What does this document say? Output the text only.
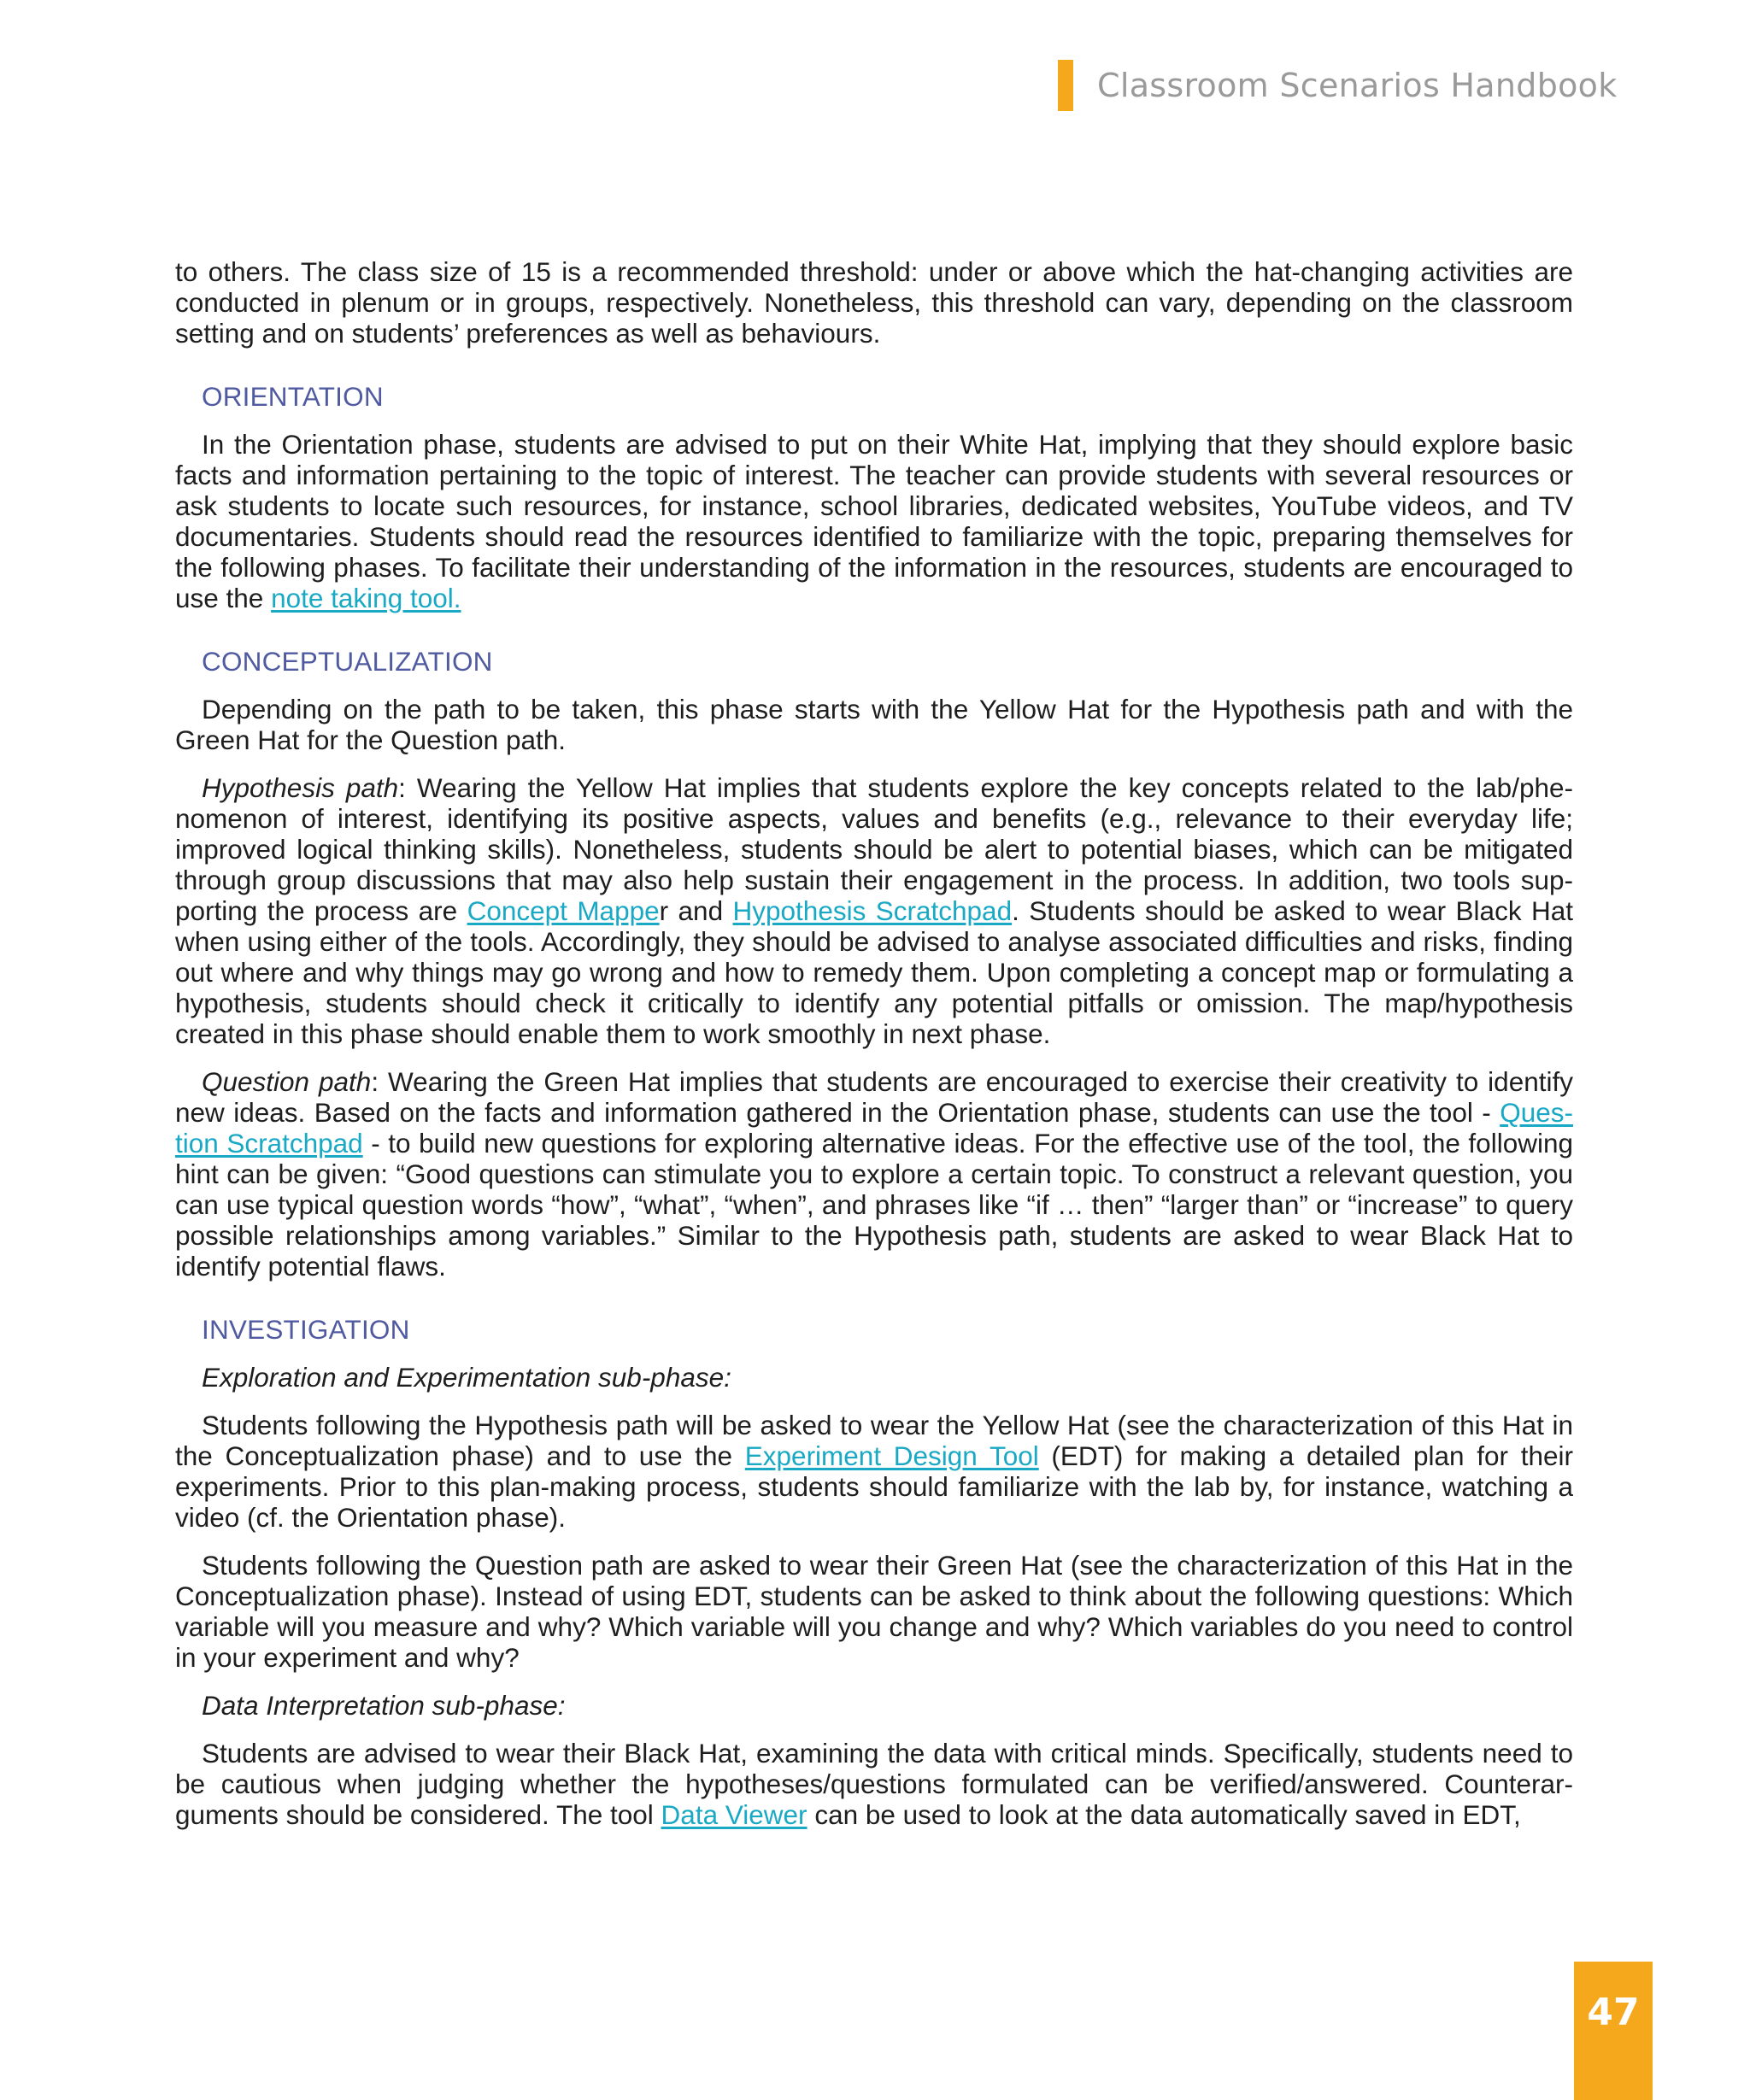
Classroom Scenarios Handbook

to others. The class size of 15 is a recommended threshold: under or above which the hat-changing activities are conducted in plenum or in groups, respectively. Nonetheless, this threshold can vary, depending on the classroom setting and on students’ preferences as well as behaviours.

ORIENTATION

In the Orientation phase, students are advised to put on their White Hat, implying that they should explore basic facts and information pertaining to the topic of interest. The teacher can provide students with several resources or ask students to locate such resources, for instance, school libraries, dedicated websites, YouTube videos, and TV documentaries. Students should read the resources identified to familiarize with the topic, preparing themselves for the following phases. To facilitate their understanding of the information in the resources, students are encouraged to use the note taking tool.

CONCEPTUALIZATION

Depending on the path to be taken, this phase starts with the Yellow Hat for the Hypothesis path and with the Green Hat for the Question path.

Hypothesis path: Wearing the Yellow Hat implies that students explore the key concepts related to the lab/phenomenon of interest, identifying its positive aspects, values and benefits (e.g., relevance to their everyday life; improved logical thinking skills). Nonetheless, students should be alert to potential biases, which can be mitigated through group discussions that may also help sustain their engagement in the process. In addition, two tools supporting the process are Concept Mapper and Hypothesis Scratchpad. Students should be asked to wear Black Hat when using either of the tools. Accordingly, they should be advised to analyse associated difficulties and risks, finding out where and why things may go wrong and how to remedy them. Upon completing a concept map or formulating a hypothesis, students should check it critically to identify any potential pitfalls or omission. The map/hypothesis created in this phase should enable them to work smoothly in next phase.

Question path: Wearing the Green Hat implies that students are encouraged to exercise their creativity to identify new ideas. Based on the facts and information gathered in the Orientation phase, students can use the tool - Question Scratchpad - to build new questions for exploring alternative ideas. For the effective use of the tool, the following hint can be given: “Good questions can stimulate you to explore a certain topic. To construct a relevant question, you can use typical question words “how”, “what”, “when”, and phrases like “if … then” “larger than” or “increase” to query possible relationships among variables.” Similar to the Hypothesis path, students are asked to wear Black Hat to identify potential flaws.

INVESTIGATION

Exploration and Experimentation sub-phase:

Students following the Hypothesis path will be asked to wear the Yellow Hat (see the characterization of this Hat in the Conceptualization phase) and to use the Experiment Design Tool (EDT) for making a detailed plan for their experiments. Prior to this plan-making process, students should familiarize with the lab by, for instance, watching a video (cf. the Orientation phase).

Students following the Question path are asked to wear their Green Hat (see the characterization of this Hat in the Conceptualization phase). Instead of using EDT, students can be asked to think about the following questions: Which variable will you measure and why? Which variable will you change and why? Which variables do you need to control in your experiment and why?

Data Interpretation sub-phase:

Students are advised to wear their Black Hat, examining the data with critical minds. Specifically, students need to be cautious when judging whether the hypotheses/questions formulated can be verified/answered. Counterarguments should be considered. The tool Data Viewer can be used to look at the data automatically saved in EDT,

47
